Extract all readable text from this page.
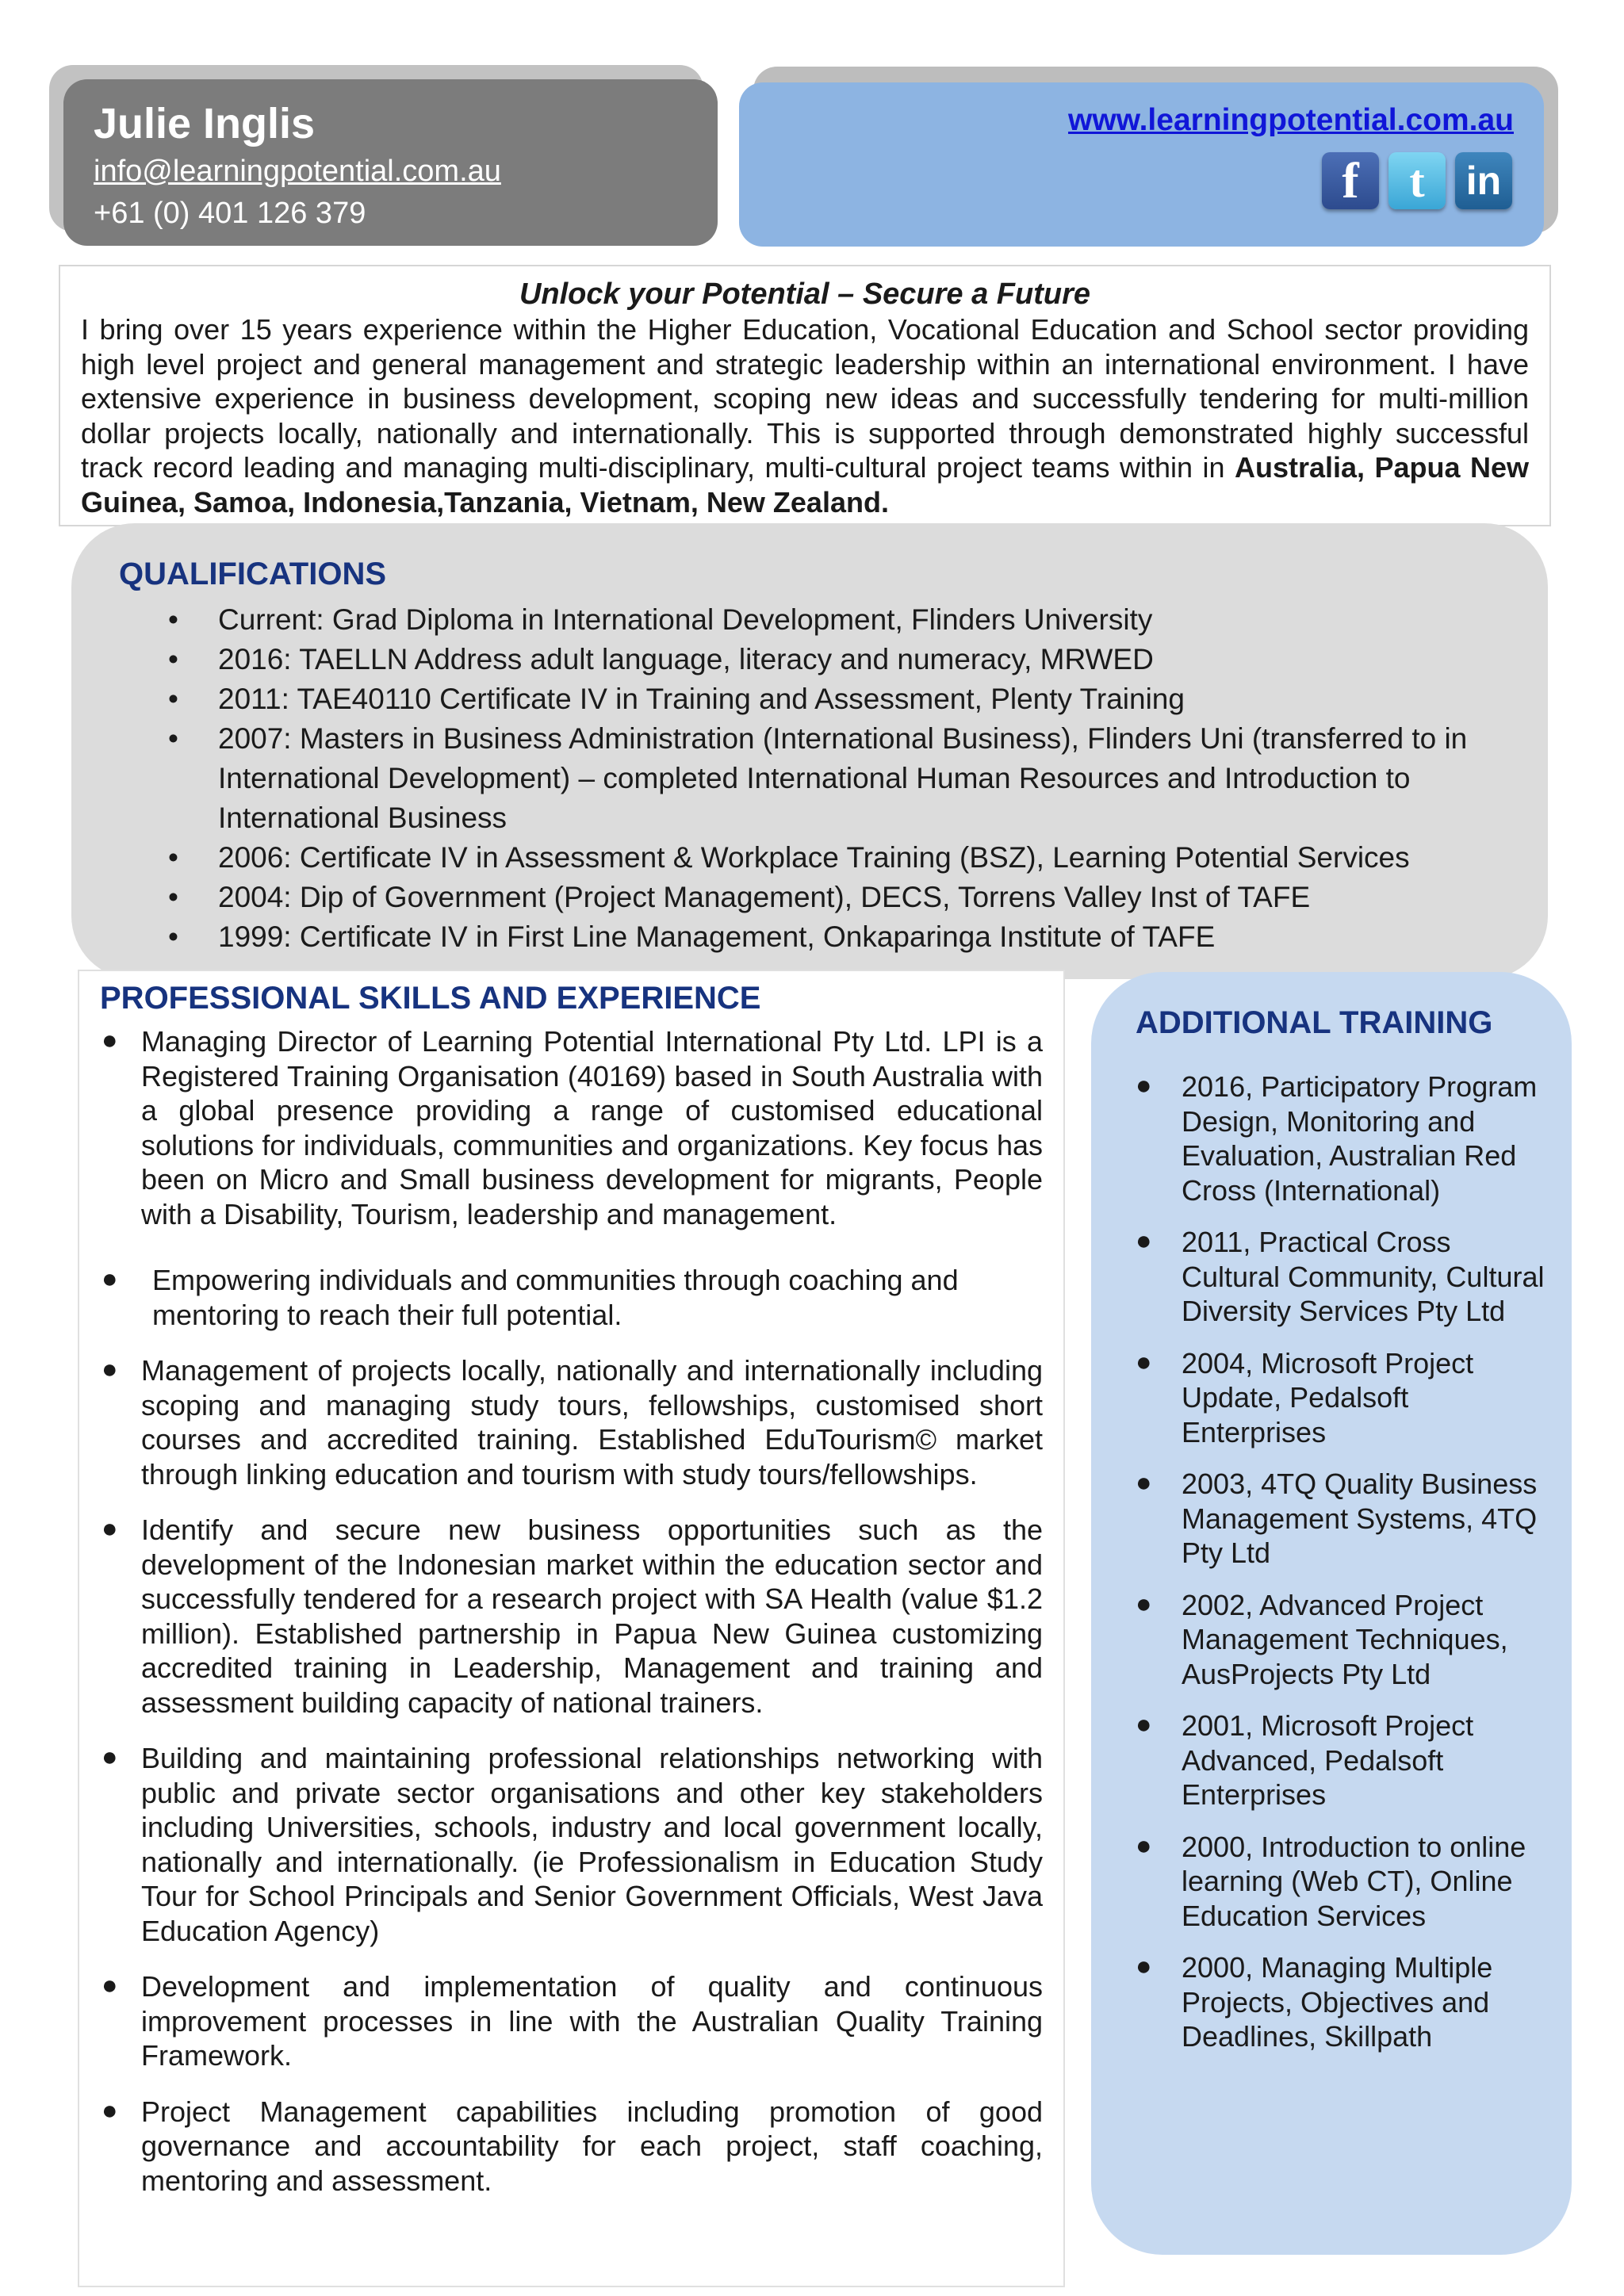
Julie Inglis
info@learningpotential.com.au
+61 (0) 401 126 379
www.learningpotential.com.au
f	t	in
Unlock your Potential – Secure a Future

I bring over 15 years experience within the Higher Education, Vocational Education and School sector providing high level project and general management and strategic leadership within an international environment. I have extensive experience in business development, scoping new ideas and successfully tendering for multi-million dollar projects locally, nationally and internationally. This is supported through demonstrated highly successful track record leading and managing multi-disciplinary, multi-cultural project teams within in Australia, Papua New Guinea, Samoa, Indonesia,Tanzania, Vietnam, New Zealand.

QUALIFICATIONS
• Current: Grad Diploma in International Development, Flinders University
• 2016: TAELLN Address adult language, literacy and numeracy, MRWED
• 2011: TAE40110 Certificate IV in Training and Assessment, Plenty Training
• 2007: Masters in Business Administration (International Business), Flinders Uni (transferred to in International Development) – completed International Human Resources and Introduction to International Business
• 2006: Certificate IV in Assessment & Workplace Training (BSZ), Learning Potential Services
• 2004: Dip of Government (Project Management), DECS, Torrens Valley Inst of TAFE
• 1999: Certificate IV in First Line Management, Onkaparinga Institute of TAFE
PROFESSIONAL SKILLS AND EXPERIENCE
● Managing Director of Learning Potential International Pty Ltd. LPI is a Registered Training Organisation (40169) based in South Australia with a global presence providing a range of customised educational solutions for individuals, communities and organizations. Key focus has been on Micro and Small business development for migrants, People with a Disability, Tourism, leadership and management.
● Empowering individuals and communities through coaching and mentoring to reach their full potential.
● Management of projects locally, nationally and internationally including scoping and managing study tours, fellowships, customised short courses and accredited training. Established EduTourism© market through linking education and tourism with study tours/fellowships.
● Identify and secure new business opportunities such as the development of the Indonesian market within the education sector and successfully tendered for a research project with SA Health (value $1.2 million). Established partnership in Papua New Guinea customizing accredited training in Leadership, Management and training and assessment building capacity of national trainers.
● Building and maintaining professional relationships networking with public and private sector organisations and other key stakeholders including Universities, schools, industry and local government locally, nationally and internationally. (ie Professionalism in Education Study Tour for School Principals and Senior Government Officials, West Java Education Agency)
● Development and implementation of quality and continuous improvement processes in line with the Australian Quality Training Framework.
● Project Management capabilities including promotion of good governance and accountability for each project, staff coaching, mentoring and assessment.
ADDITIONAL TRAINING
● 2016, Participatory Program Design, Monitoring and Evaluation, Australian Red Cross (International)
● 2011, Practical Cross Cultural Community, Cultural Diversity Services Pty Ltd
● 2004, Microsoft Project Update, Pedalsoft Enterprises
● 2003, 4TQ Quality Business Management Systems, 4TQ Pty Ltd
● 2002, Advanced Project Management Techniques, AusProjects Pty Ltd
● 2001, Microsoft Project Advanced, Pedalsoft Enterprises
● 2000, Introduction to online learning (Web CT), Online Education Services
● 2000, Managing Multiple Projects, Objectives and Deadlines, Skillpath
